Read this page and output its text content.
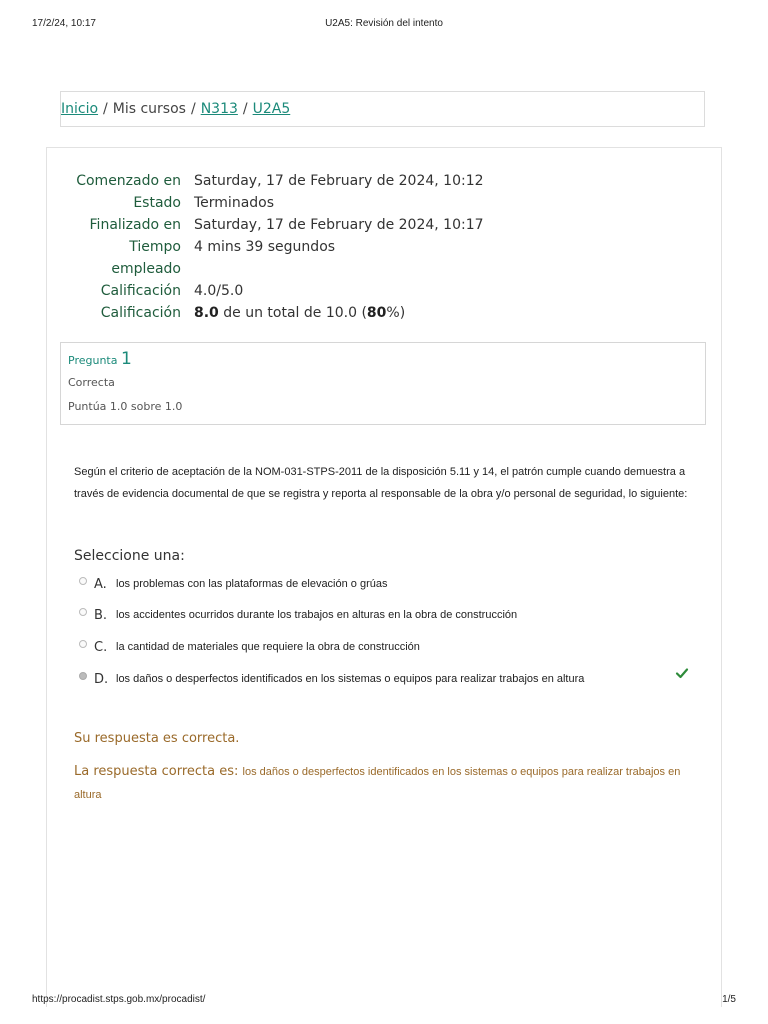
17/2/24, 10:17	U2A5: Revisión del intento
Inicio / Mis cursos / N313 / U2A5
Comenzado en Saturday, 17 de February de 2024, 10:12
Estado Terminados
Finalizado en Saturday, 17 de February de 2024, 10:17
Tiempo
empleado
4 mins 39 segundos
Calificación 4.0/5.0
Calificación 8.0 de un total de 10.0 (80%)
Pregunta 1
Correcta
Puntúa 1.0 sobre 1.0
Según el criterio de aceptación de la NOM-031-STPS-2011 de la disposición 5.11 y 14, el patrón cumple cuando demuestra a través de evidencia documental de que se registra y reporta al responsable de la obra y/o personal de seguridad, lo siguiente:
Seleccione una:
A. los problemas con las plataformas de elevación o grúas
B. los accidentes ocurridos durante los trabajos en alturas en la obra de construcción
C. la cantidad de materiales que requiere la obra de construcción
D. los daños o desperfectos identificados en los sistemas o equipos para realizar trabajos en altura
Su respuesta es correcta.
La respuesta correcta es: los daños o desperfectos identificados en los sistemas o equipos para realizar trabajos en altura
https://procadist.stps.gob.mx/procadist/	1/5
